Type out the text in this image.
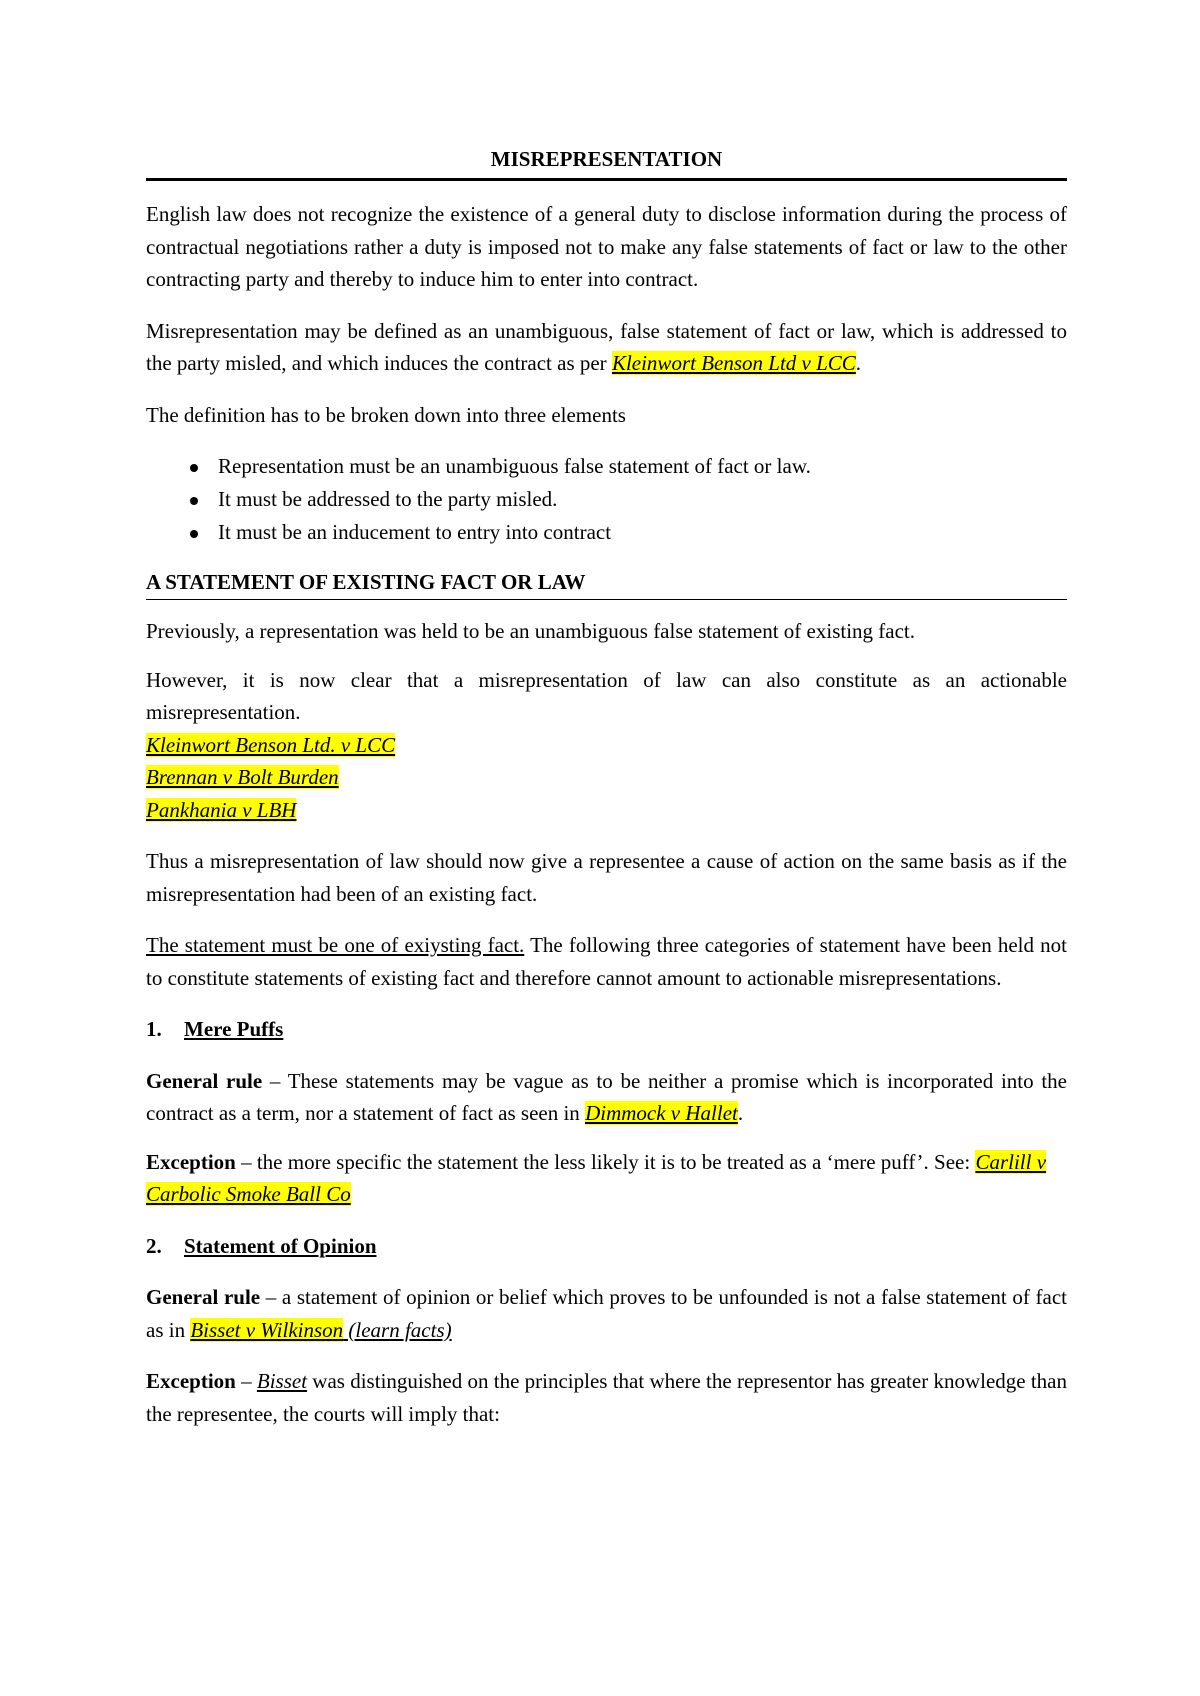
MISREPRESENTATION

English law does not recognize the existence of a general duty to disclose information during the process of contractual negotiations rather a duty is imposed not to make any false statements of fact or law to the other contracting party and thereby to induce him to enter into contract.

Misrepresentation may be defined as an unambiguous, false statement of fact or law, which is addressed to the party misled, and which induces the contract as per Kleinwort Benson Ltd v LCC.

The definition has to be broken down into three elements

Representation must be an unambiguous false statement of fact or law.
It must be addressed to the party misled.
It must be an inducement to entry into contract
A STATEMENT OF EXISTING FACT OR LAW

Previously, a representation was held to be an unambiguous false statement of existing fact.

However, it is now clear that a misrepresentation of law can also constitute as an actionable misrepresentation.

Kleinwort Benson Ltd. v LCC

Brennan v Bolt Burden

Pankhania v LBH

Thus a misrepresentation of law should now give a representee a cause of action on the same basis as if the misrepresentation had been of an existing fact.

The statement must be one of exiysting fact. The following three categories of statement have been held not to constitute statements of existing fact and therefore cannot amount to actionable misrepresentations.

1. Mere Puffs

General rule – These statements may be vague as to be neither a promise which is incorporated into the contract as a term, nor a statement of fact as seen in Dimmock v Hallet.

Exception – the more specific the statement the less likely it is to be treated as a ‘mere puff’. See: Carlill v Carbolic Smoke Ball Co

2. Statement of Opinion

General rule – a statement of opinion or belief which proves to be unfounded is not a false statement of fact as in Bisset v Wilkinson (learn facts)

Exception – Bisset was distinguished on the principles that where the representor has greater knowledge than the representee, the courts will imply that:
